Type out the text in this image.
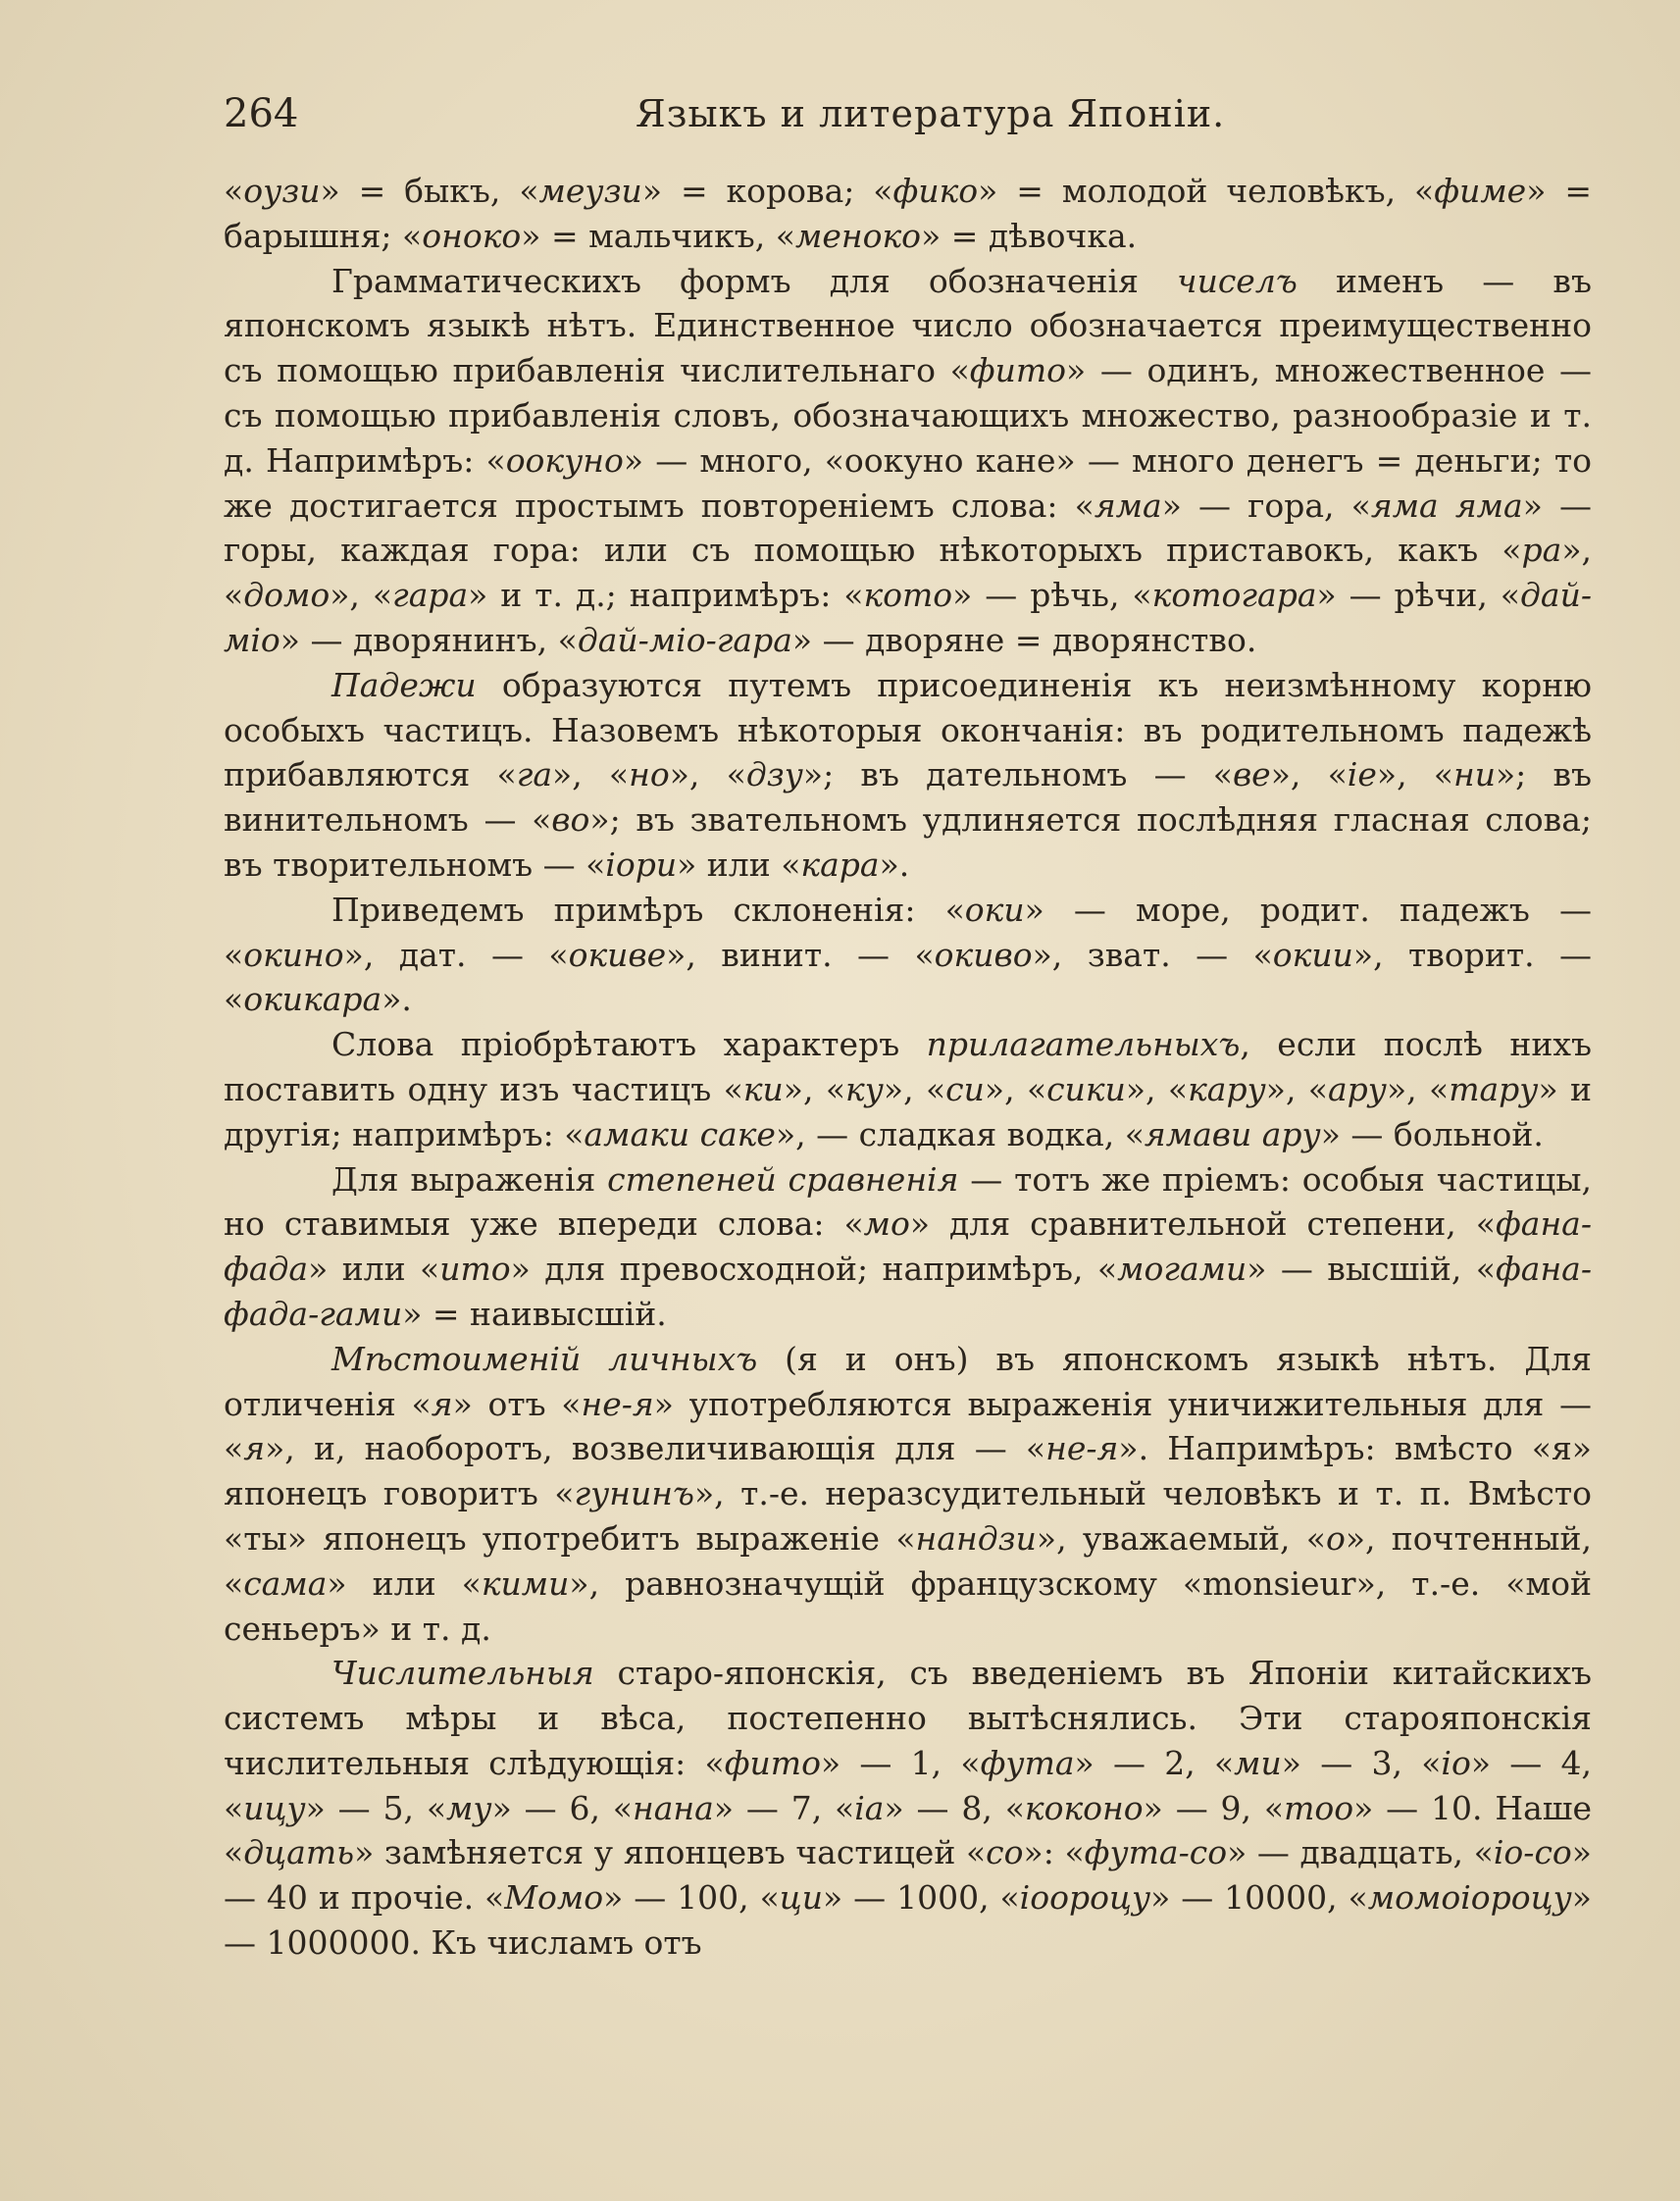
264	Языкъ и литература Японіи.

«оузи» = быкъ, «меузи» = корова; «фико» = молодой человѣкъ, «фиме» = барышня; «оноко» = мальчикъ, «меноко» = дѣвочка.

Грамматическихъ формъ для обозначенія чиселъ именъ — въ японскомъ языкѣ нѣтъ. Единственное число обозначается преимущественно съ помощью прибавленія числительнаго «фито» — одинъ, множественное — съ помощью прибавленія словъ, обозначающихъ множество, разнообразіе и т. д. Напримѣръ: «оокуно» — много, «оокуно кане» — много денегъ = деньги; то же достигается простымъ повтореніемъ слова: «яма» — гора, «яма яма» — горы, каждая гора: или съ помощью нѣкоторыхъ приставокъ, какъ «ра», «домо», «гара» и т. д.; напримѣръ: «кото» — рѣчь, «котогара» — рѣчи, «дай-міо» — дворянинъ, «дай-міо-гара» — дворяне = дворянство.

Падежи образуются путемъ присоединенія къ неизмѣнному корню особыхъ частицъ. Назовемъ нѣкоторыя окончанія: въ родительномъ падежѣ прибавляются «га», «но», «дзу»; въ дательномъ — «ве», «іе», «ни»; въ винительномъ — «во»; въ звательномъ удлиняется послѣдняя гласная слова; въ творительномъ — «іори» или «кара».

Приведемъ примѣръ склоненія: «оки» — море, родит. падежъ — «окино», дат. — «окиве», винит. — «окиво», зват. — «окии», творит. — «окикара».

Слова пріобрѣтаютъ характеръ прилагательныхъ, если послѣ нихъ поставить одну изъ частицъ «ки», «ку», «си», «сики», «кару», «ару», «тару» и другія; напримѣръ: «амаки саке», — сладкая водка, «ямави ару» — больной.

Для выраженія степеней сравненія — тотъ же пріемъ: особыя частицы, но ставимыя уже впереди слова: «мо» для сравнительной степени, «фана-фада» или «ито» для превосходной; напримѣръ, «могами» — высшій, «фана-фада-гами» = наивысшій.

Мѣстоименій личныхъ (я и онъ) въ японскомъ языкѣ нѣтъ. Для отличенія «я» отъ «не-я» употребляются выраженія уничижительныя для — «я», и, наоборотъ, возвеличивающія для — «не-я». Напримѣръ: вмѣсто «я» японецъ говоритъ «гунинъ», т.-е. неразсудительный человѣкъ и т. п. Вмѣсто «ты» японецъ употребитъ выраженіе «нандзи», уважаемый, «о», почтенный, «сама» или «кими», равнозначущій французскому «monsieur», т.-е. «мой сеньеръ» и т. д.

Числительныя старо-японскія, съ введеніемъ въ Японіи китайскихъ системъ мѣры и вѣса, постепенно вытѣснялись. Эти старояпонскія числительныя слѣдующія: «фито» — 1, «фута» — 2, «ми» — 3, «іо» — 4, «ицу» — 5, «му» — 6, «нана» — 7, «іа» — 8, «коконо» — 9, «тоо» — 10. Наше «дцать» замѣняется у японцевъ частицей «со»: «фута-со» — двадцать, «іо-со» — 40 и прочіе. «Момо» — 100, «ци» — 1000, «іоороцу» — 10000, «момоіороцу» — 1000000. Къ числамъ отъ
